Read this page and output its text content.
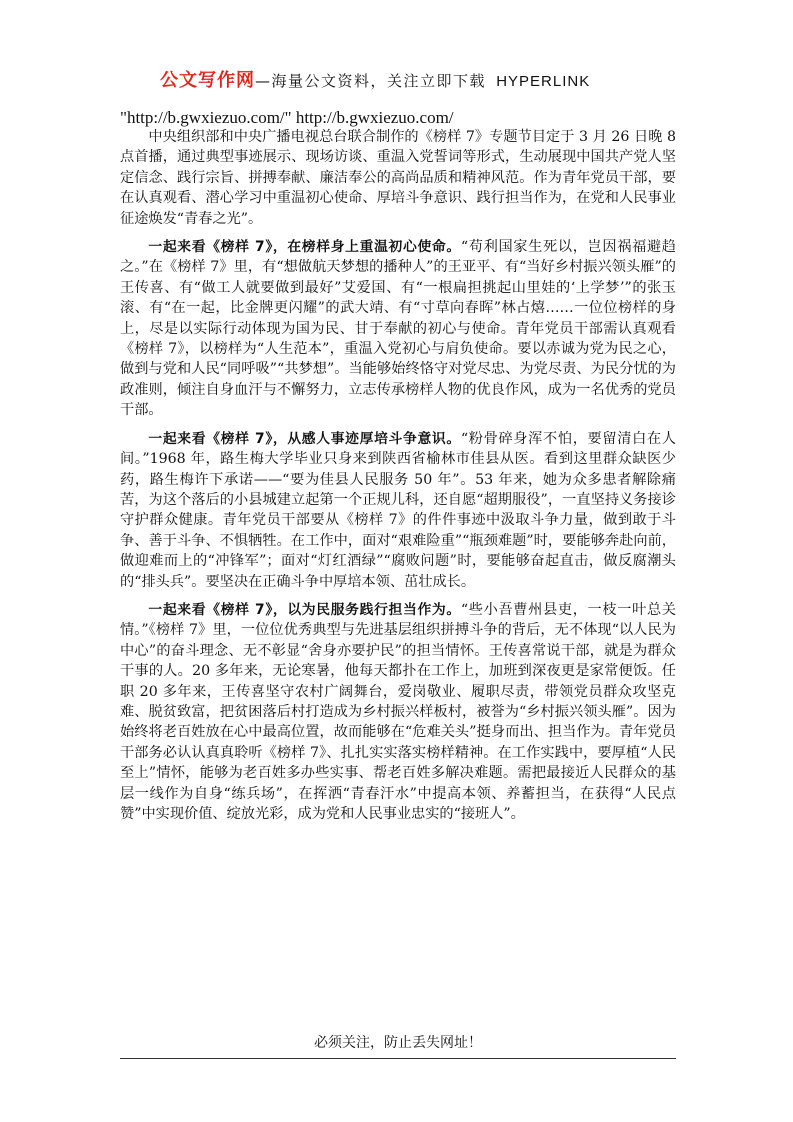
公文写作网—海量公文资料，关注立即下载 HYPERLINK
"http://b.gwxiezuo.com/" http://b.gwxiezuo.com/

中央组织部和中央广播电视总台联合制作的《榜样 7》专题节目定于 3 月 26 日晚 8 点首播，通过典型事迹展示、现场访谈、重温入党誓词等形式，生动展现中国共产党人坚定信念、践行宗旨、拼搏奉献、廉洁奉公的高尚品质和精神风范。作为青年党员干部，要在认真观看、潜心学习中重温初心使命、厚培斗争意识、践行担当作为，在党和人民事业征途焕发“青春之光”。

一起来看《榜样 7》，在榜样身上重温初心使命。“苟利国家生死以，岂因祸福避趋之。”在《榜样 7》里，有“想做航天梦想的播种人”的王亚平、有“当好乡村振兴领头雁”的王传喜、有“做工人就要做到最好”艾爱国、有“一根扁担挑起山里娃的‘上学梦’”的张玉滚、有“在一起，比金牌更闪耀”的武大靖、有“寸草向春晖”林占熺……一位位榜样的身上，尽是以实际行动体现为国为民、甘于奉献的初心与使命。青年党员干部需认真观看《榜样 7》，以榜样为“人生范本”，重温入党初心与肩负使命。要以赤诚为党为民之心，做到与党和人民“同呼吸”“共梦想”。当能够始终恪守对党尽忠、为党尽责、为民分忧的为政准则，倾注自身血汗与不懈努力，立志传承榜样人物的优良作风，成为一名优秀的党员干部。

一起来看《榜样 7》，从感人事迹厚培斗争意识。“粉骨碎身浑不怕，要留清白在人间。”1968 年，路生梅大学毕业只身来到陕西省榆林市佳县从医。看到这里群众缺医少药，路生梅许下承诺——“要为佳县人民服务 50 年”。53 年来，她为众多患者解除痛苦，为这个落后的小县城建立起第一个正规儿科，还自愿“超期服役”，一直坚持义务接诊守护群众健康。青年党员干部要从《榜样 7》的件件事迹中汲取斗争力量，做到敢于斗争、善于斗争、不惧牺牲。在工作中，面对“艰难险重”“瓶颈难题”时，要能够奔赴向前，做迎难而上的“冲锋军”；面对“灯红酒绿”“腐败问题”时，要能够奋起直击，做反腐潮头的“排头兵”。要坚决在正确斗争中厚培本领、茁壮成长。

一起来看《榜样 7》，以为民服务践行担当作为。“些小吾曹州县吏，一枝一叶总关情。”《榜样 7》里，一位位优秀典型与先进基层组织拼搏斗争的背后，无不体现“以人民为中心”的奋斗理念、无不彰显“舍身亦要护民”的担当情怀。王传喜常说干部，就是为群众干事的人。20 多年来，无论寒暑，他每天都扑在工作上，加班到深夜更是家常便饭。任职 20 多年来，王传喜坚守农村广阔舞台，爱岗敬业、履职尽责，带领党员群众攻坚克难、脱贫致富，把贫困落后村打造成为乡村振兴样板村，被誉为“乡村振兴领头雁”。因为始终将老百姓放在心中最高位置，故而能够在“危难关头”挺身而出、担当作为。青年党员干部务必认认真真聆听《榜样 7》、扎扎实实落实榜样精神。在工作实践中，要厚植“人民至上”情怀，能够为老百姓多办些实事、帮老百姓多解决难题。需把最接近人民群众的基层一线作为自身“练兵场”，在挥洒“青春汗水”中提高本领、养蓄担当，在获得“人民点赞”中实现价值、绽放光彩，成为党和人民事业忠实的“接班人”。

必须关注，防止丢失网址！
